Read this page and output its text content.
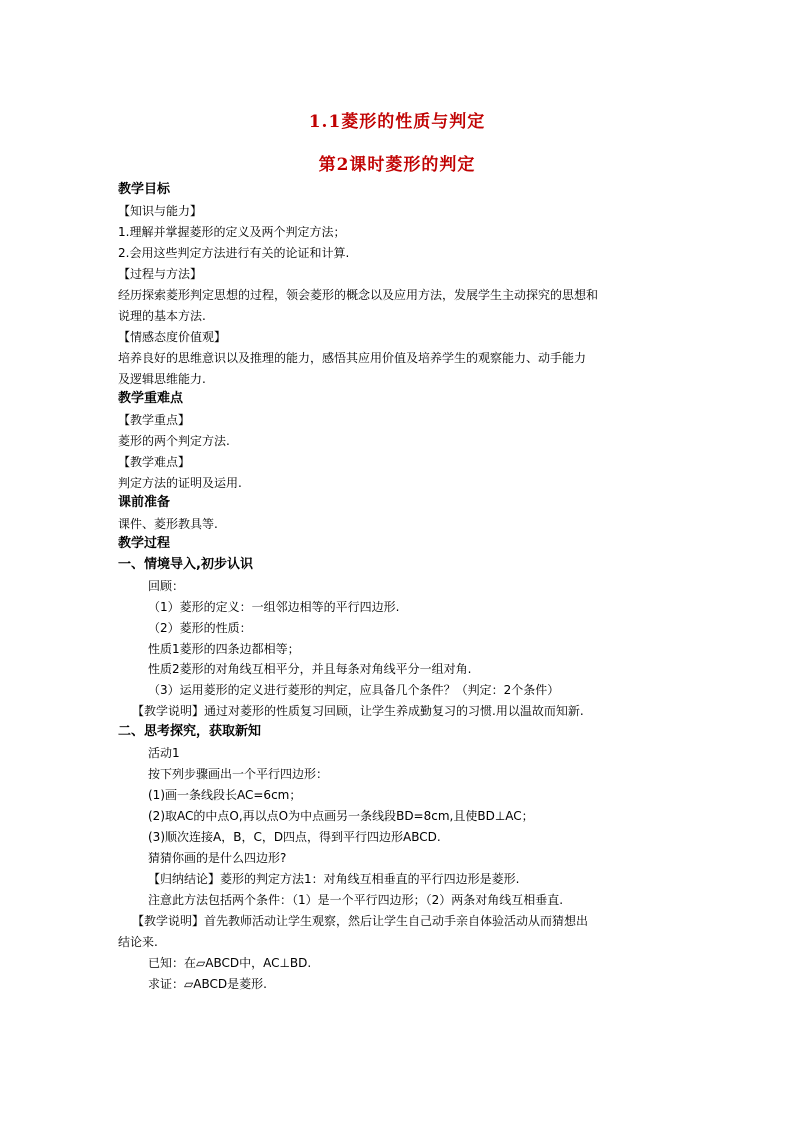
1.1菱形的性质与判定
第2课时菱形的判定
教学目标
【知识与能力】
1.理解并掌握菱形的定义及两个判定方法；
2.会用这些判定方法进行有关的论证和计算.
【过程与方法】
经历探索菱形判定思想的过程，领会菱形的概念以及应用方法，发展学生主动探究的思想和
说理的基本方法.
【情感态度价值观】
培养良好的思维意识以及推理的能力，感悟其应用价值及培养学生的观察能力、动手能力
及逻辑思维能力.
教学重难点
【教学重点】
菱形的两个判定方法.
【教学难点】
判定方法的证明及运用.
课前准备
课件、菱形教具等.
教学过程
一、情境导入,初步认识
回顾：
（1）菱形的定义：一组邻边相等的平行四边形.
（2）菱形的性质：
性质1菱形的四条边都相等；
性质2菱形的对角线互相平分，并且每条对角线平分一组对角.
（3）运用菱形的定义进行菱形的判定，应具备几个条件？（判定：2个条件）
【教学说明】通过对菱形的性质复习回顾，让学生养成勤复习的习惯.用以温故而知新.
二、思考探究，获取新知
活动1
按下列步骤画出一个平行四边形：
(1)画一条线段长AC=6cm；
(2)取AC的中点O,再以点O为中点画另一条线段BD=8cm,且使BD⊥AC；
(3)顺次连接A，B，C，D四点，得到平行四边形ABCD.
猜猜你画的是什么四边形?
【归纳结论】菱形的判定方法1：对角线互相垂直的平行四边形是菱形.
注意此方法包括两个条件：（1）是一个平行四边形；（2）两条对角线互相垂直.
【教学说明】首先教师活动让学生观察，然后让学生自己动手亲自体验活动从而猜想出
结论来.
已知：在▱ABCD中，AC⊥BD.
求证：▱ABCD是菱形.
